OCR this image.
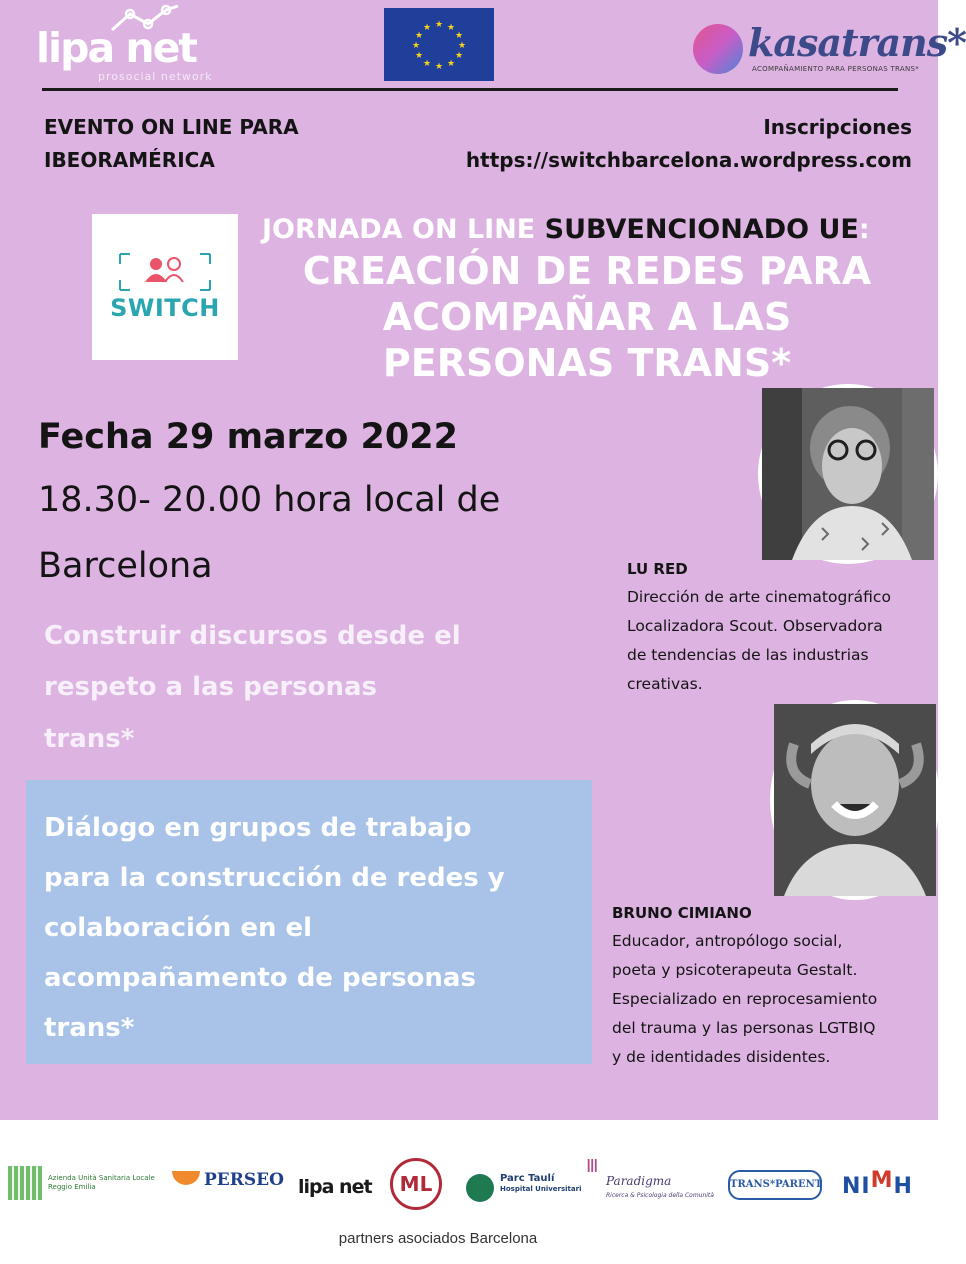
lipa net
prosocial network
★ ★
★
★
★
★
★
★
★
★
★
★	kasatrans*
ACOMPAÑAMIENTO PARA PERSONAS TRANS*
EVENTO ON LINE PARA
IBEORAMÉRICA
Inscripciones
https://switchbarcelona.wordpress.com
SWITCH
JORNADA ON LINE SUBVENCIONADO UE:
CREACIÓN DE REDES PARA
ACOMPAÑAR A LAS
PERSONAS TRANS*
Fecha 29 marzo 2022
18.30- 20.00 hora local de
Barcelona
Construir discursos desde el
respeto a las personas
trans*
Diálogo en grupos de trabajo
para la construcción de redes y
colaboración en el
acompañamento de personas
trans*
LU RED
Dirección de arte cinematográfico
Localizadora Scout. Observadora
de tendencias de las industrias
creativas.
BRUNO CIMIANO
Educador, antropólogo social,
poeta y psicoterapeuta Gestalt.
Especializado en reprocesamiento
del trauma y las personas LGTBIQ
y de identidades disidentes.
Azienda Unità Sanitaria Locale Reggio Emilia	PERSEO lipa net	ML	Parc Taulí
Hospital Universitari
Ⅲ
Paradigma
Ricerca & Psicologia della Comunità
TRANS*PARENT NIMH
partners asociados Barcelona
